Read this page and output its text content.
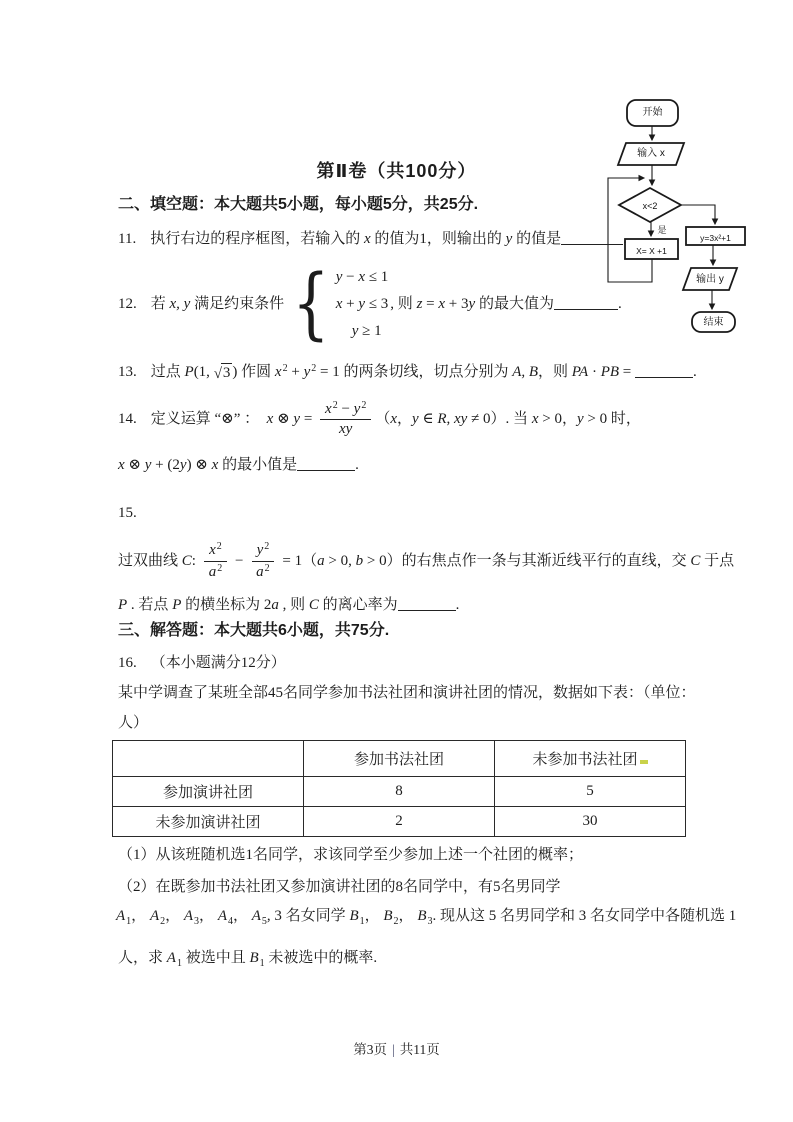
开始
输入 x
x<2
是
X= X +1
y=3x²+1
输出 y
结束
第Ⅱ卷（共100分）
二、填空题：本大题共5小题，每小题5分，共25分.
11. 执行右边的程序框图，若输入的 x 的值为1，则输出的 y 的值是	.
12. 若 x, y 满足约束条件 { y − x ≤ 1
x + y ≤ 3
y ≥ 1
, 则 z = x + 3y 的最大值为	.
13. 过点 P(1, √ 3 ) 作圆 $x^2 + y^2 = 1$ 的两条切线，切点分别为 A, B，则 PA · PB =	.
14. 定义运算 “⊗” ：　 x ⊗ $y = \frac{x^2 - y^2}{xy}$ （ x ， y ∈ R , xy ≠ 0）. 当 x > 0， y > 0 时，
x ⊗ y + (2y) ⊗ x 的最小值是	.
15.
过双曲线 C : $\frac{x^2}{a^2} - \frac{y^2}{a^2} = 1$（ a > 0, b > 0）的右焦点作一条与其渐近线平行的直线，交 C 于点
P . 若点 P 的横坐标为 2a , 则 C 的离心率为	.
三、解答题：本大题共6小题，共75分.
16. （本小题满分12分）
某中学调查了某班全部45名同学参加书法社团和演讲社团的情况，数据如下表：（单位：
人）
	参加书法社团	未参加书法社团
参加演讲社团	8	5
未参加演讲社团	2	30
（1）从该班随机选1名同学，求该同学至少参加上述一个社团的概率；
（2）在既参加书法社团又参加演讲社团的8名同学中，有5名男同学
$A_1$， $A_2$， $A_3$， $A_4$， $A_5$, 3 名女同学 $B_1$， $B_2$， $B_3$. 现从这 5 名男同学和 3 名女同学中各随机选 1
人，求 $A_1$ 被选中且 $B_1$ 未被选中的概率.
第3页 | 共11页
